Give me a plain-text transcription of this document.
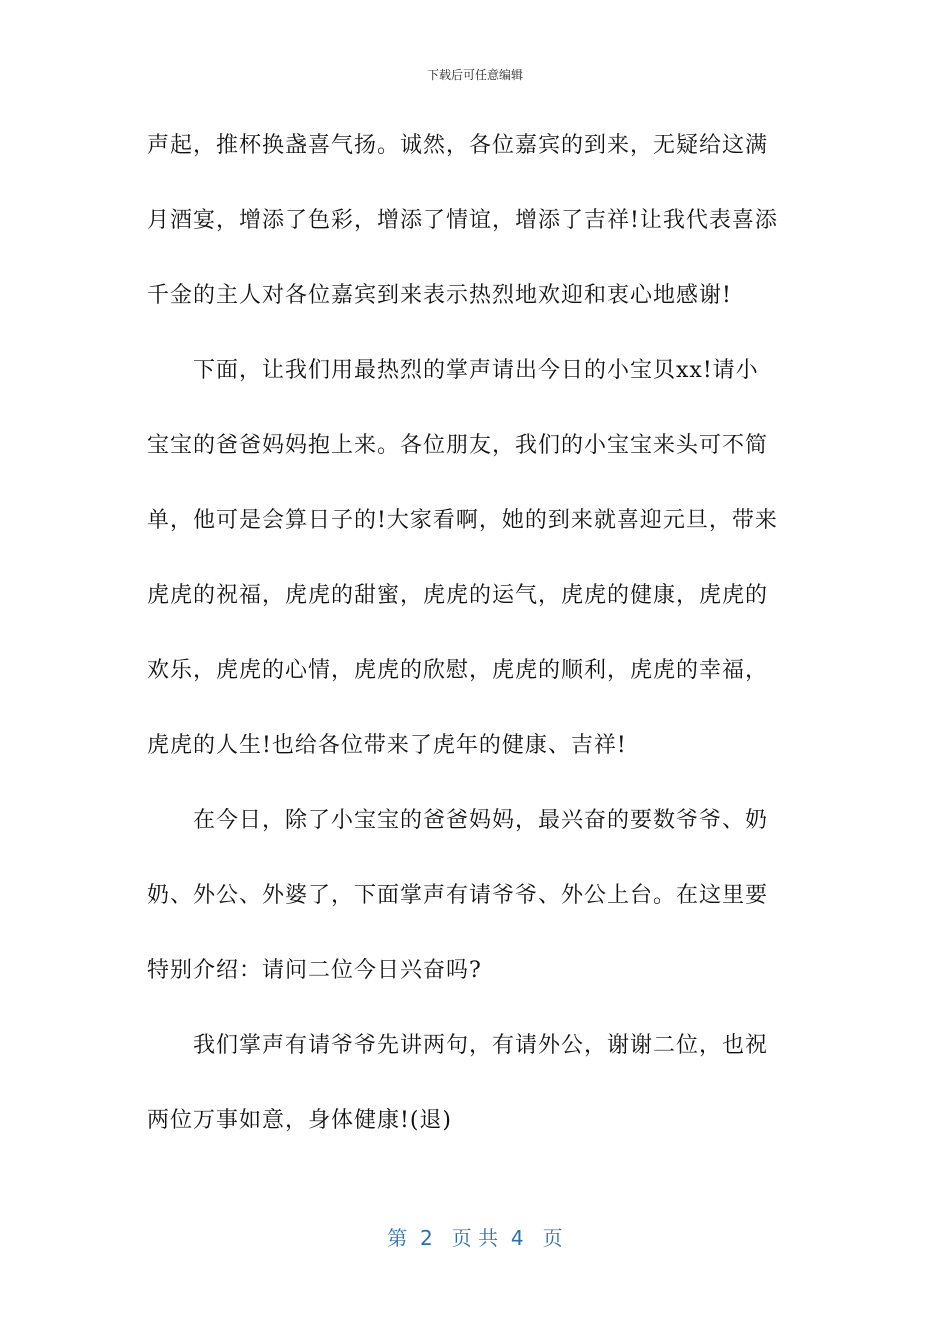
下载后可任意编辑
声起，推杯换盏喜气扬。诚然，各位嘉宾的到来，无疑给这满
月酒宴，增添了色彩，增添了情谊，增添了吉祥!让我代表喜添
千金的主人对各位嘉宾到来表示热烈地欢迎和衷心地感谢!
下面，让我们用最热烈的掌声请出今日的小宝贝xx!请小
宝宝的爸爸妈妈抱上来。各位朋友，我们的小宝宝来头可不简
单，他可是会算日子的!大家看啊，她的到来就喜迎元旦，带来
虎虎的祝福，虎虎的甜蜜，虎虎的运气，虎虎的健康，虎虎的
欢乐，虎虎的心情，虎虎的欣慰，虎虎的顺利，虎虎的幸福，
虎虎的人生!也给各位带来了虎年的健康、吉祥!
在今日，除了小宝宝的爸爸妈妈，最兴奋的要数爷爷、奶
奶、外公、外婆了，下面掌声有请爷爷、外公上台。在这里要
特别介绍：请问二位今日兴奋吗?
我们掌声有请爷爷先讲两句，有请外公，谢谢二位，也祝
两位万事如意，身体健康!(退)
第  2   页 共  4   页
